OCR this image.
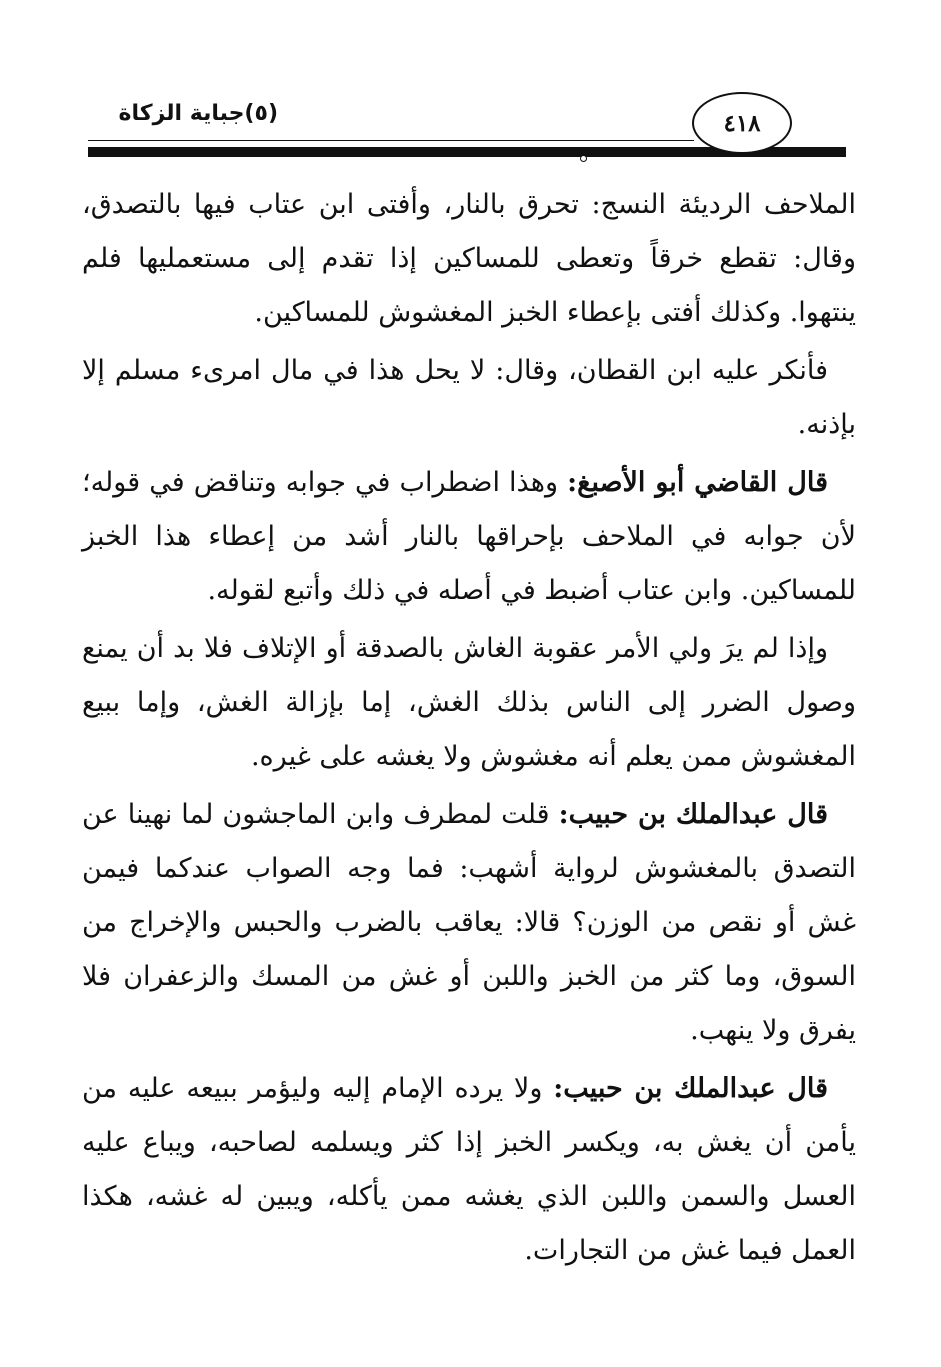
٤١٨
(٥)جباية الزكاة

الملاحف الرديئة النسج: تحرق بالنار، وأفتى ابن عتاب فيها بالتصدق، وقال: تقطع خرقاً وتعطى للمساكين إذا تقدم إلى مستعمليها فلم ينتهوا. وكذلك أفتى بإعطاء الخبز المغشوش للمساكين.

فأنكر عليه ابن القطان، وقال: لا يحل هذا في مال امرىء مسلم إلا بإذنه.

قال القاضي أبو الأصبغ: وهذا اضطراب في جوابه وتناقض في قوله؛ لأن جوابه في الملاحف بإحراقها بالنار أشد من إعطاء هذا الخبز للمساكين. وابن عتاب أضبط في أصله في ذلك وأتبع لقوله.

وإذا لم يرَ ولي الأمر عقوبة الغاش بالصدقة أو الإتلاف فلا بد أن يمنع وصول الضرر إلى الناس بذلك الغش، إما بإزالة الغش، وإما ببيع المغشوش ممن يعلم أنه مغشوش ولا يغشه على غيره.

قال عبدالملك بن حبيب: قلت لمطرف وابن الماجشون لما نهينا عن التصدق بالمغشوش لرواية أشهب: فما وجه الصواب عندكما فيمن غش أو نقص من الوزن؟ قالا: يعاقب بالضرب والحبس والإخراج من السوق، وما كثر من الخبز واللبن أو غش من المسك والزعفران فلا يفرق ولا ينهب.

قال عبدالملك بن حبيب: ولا يرده الإمام إليه وليؤمر ببيعه عليه من يأمن أن يغش به، ويكسر الخبز إذا كثر ويسلمه لصاحبه، ويباع عليه العسل والسمن واللبن الذي يغشه ممن يأكله، ويبين له غشه، هكذا العمل فيما غش من التجارات.
